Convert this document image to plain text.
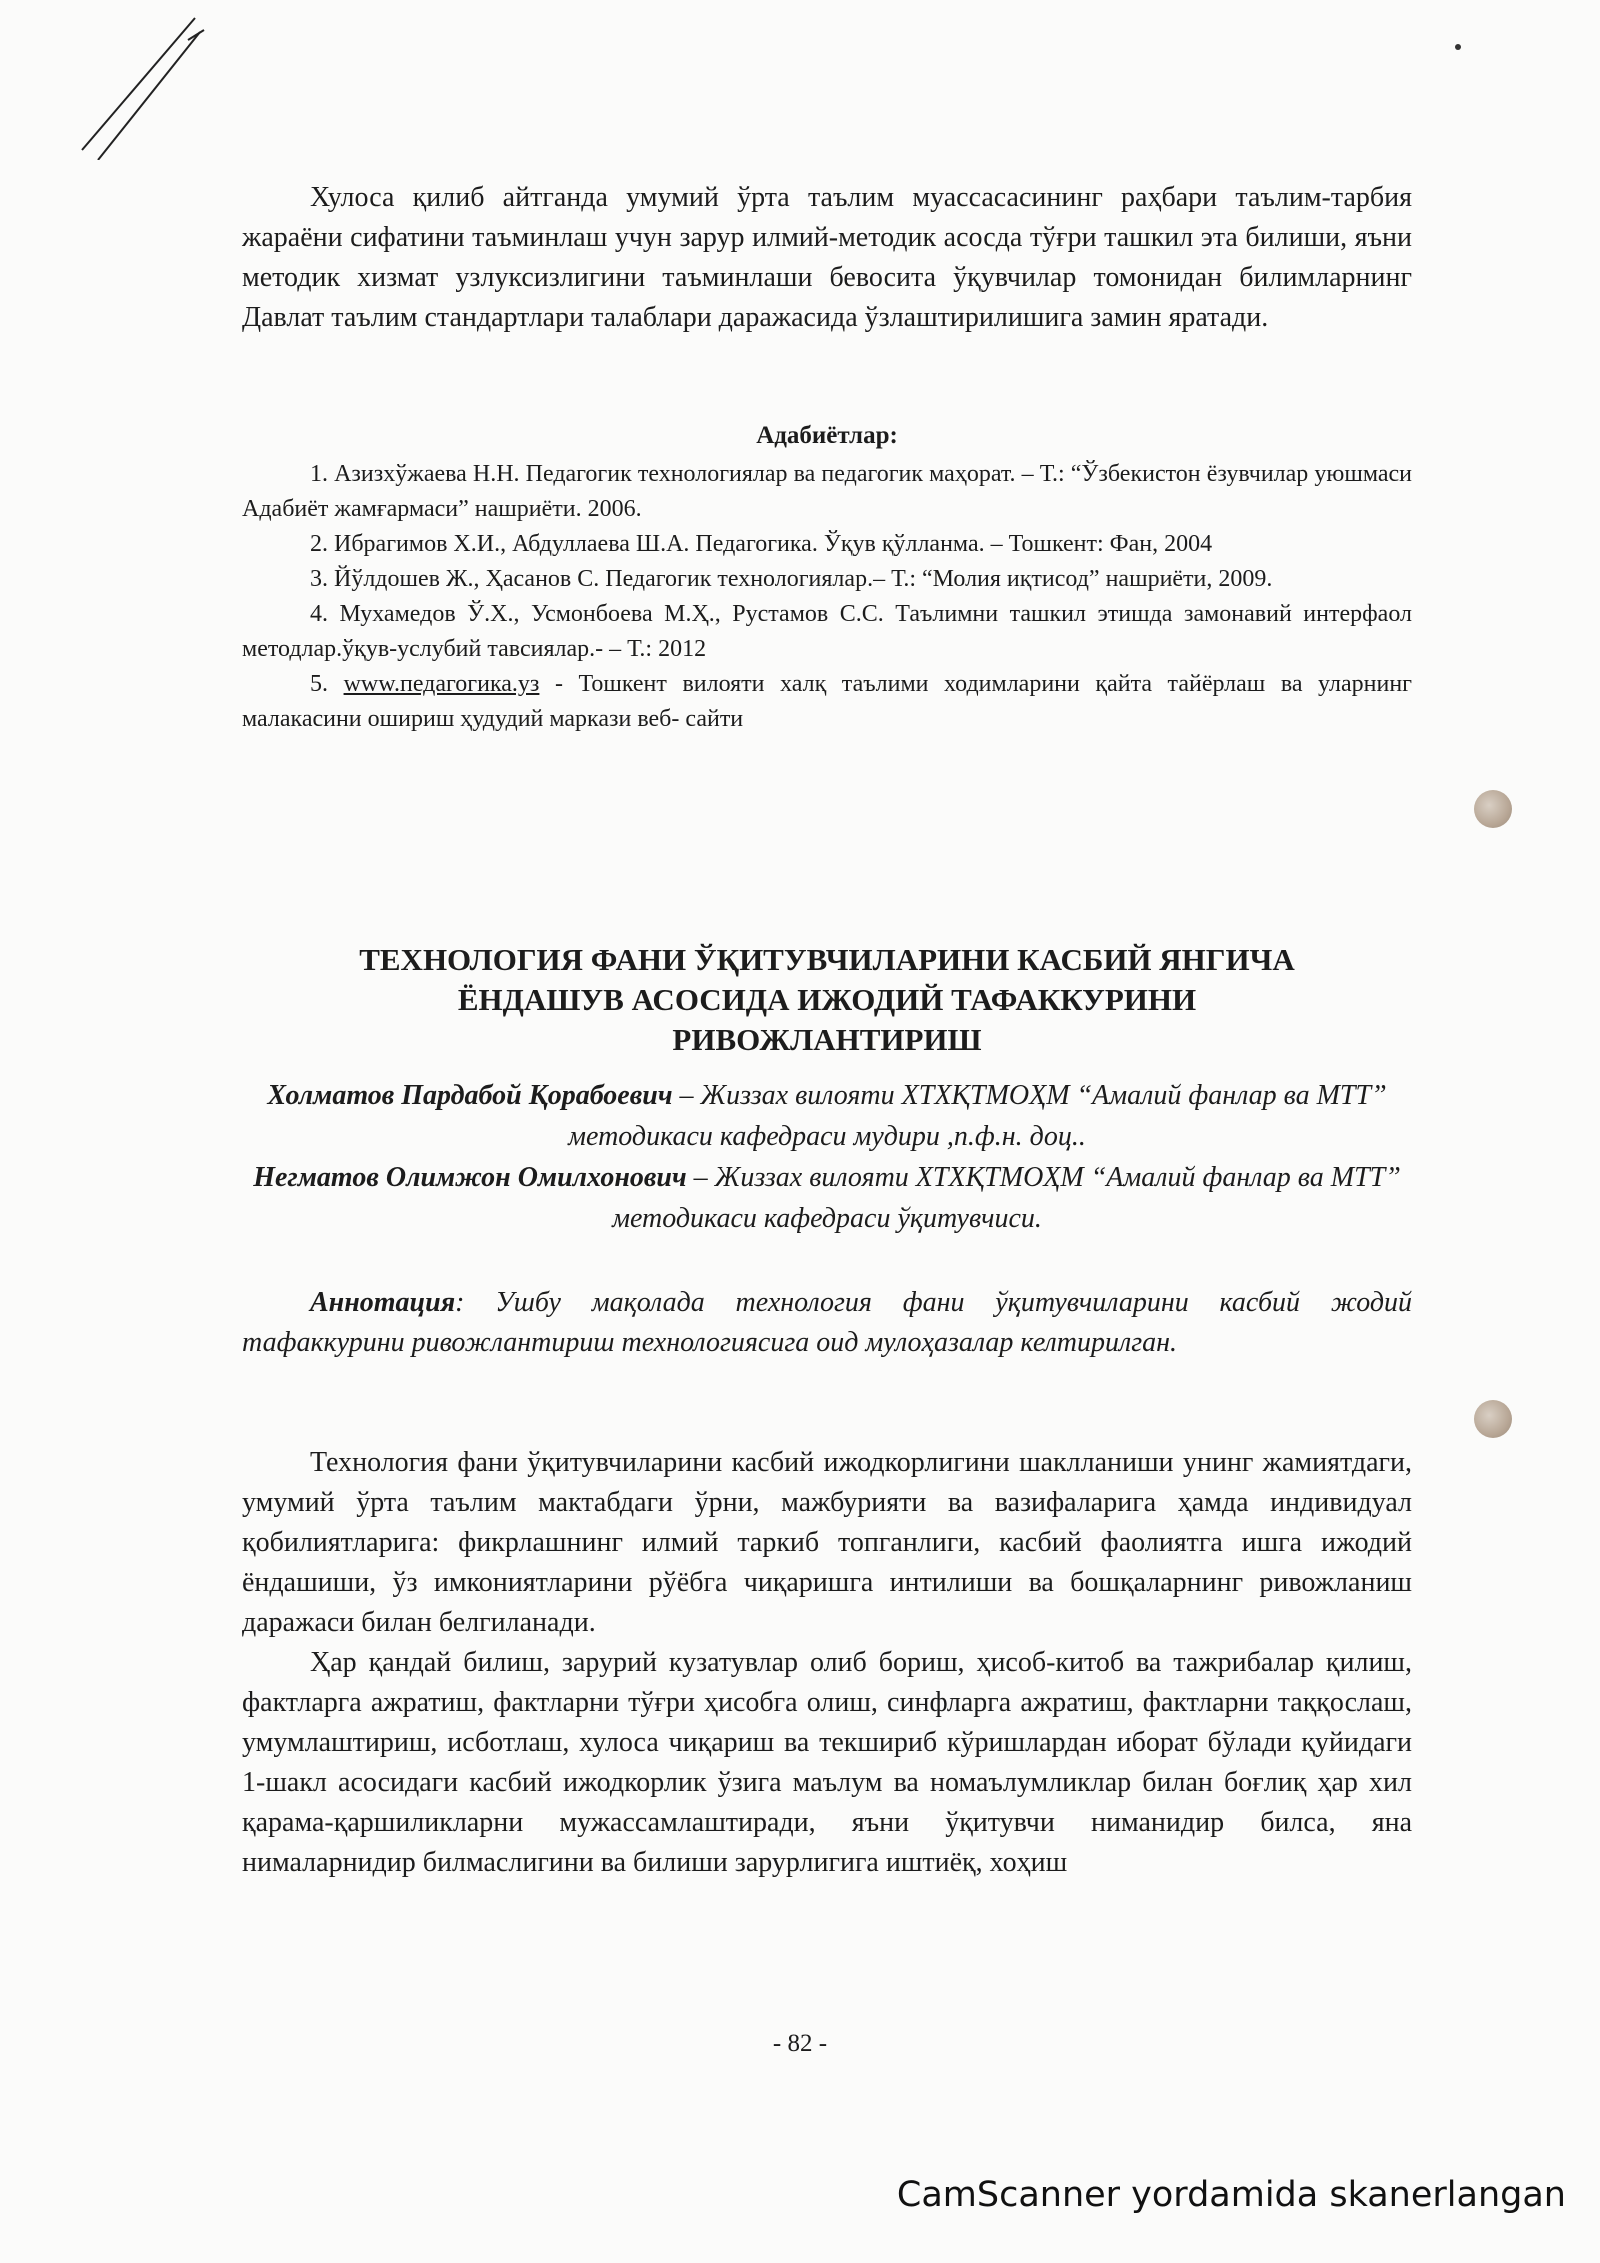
Хулоса қилиб айтганда умумий ўрта таълим муассасасининг раҳбари таълим-тарбия жараёни сифатини таъминлаш учун зарур илмий-методик асосда тўғри ташкил эта билиши, яъни методик хизмат узлуксизлигини таъминлаши бевосита ўқувчилар томонидан билимларнинг Давлат таълим стандартлари талаблари даражасида ўзлаштирилишига замин яратади.

Адабиётлар:

1. Азизхўжаева Н.Н. Педагогик технологиялар ва педагогик маҳорат. – Т.: “Ўзбекистон ёзувчилар уюшмаси Адабиёт жамғармаси” нашриёти. 2006.

2. Ибрагимов Х.И., Абдуллаева Ш.А. Педагогика. Ўқув қўлланма. – Тошкент: Фан, 2004

3. Йўлдошев Ж., Ҳасанов С. Педагогик технологиялар.– Т.: “Молия иқтисод” нашриёти, 2009.

4. Мухамедов Ў.Х., Усмонбоева М.Ҳ., Рустамов С.С. Таълимни ташкил этишда замонавий интерфаол методлар.ўқув-услубий тавсиялар.- – Т.: 2012

5. www.педагогика.уз - Тошкент вилояти халқ таълими ходимларини қайта тайёрлаш ва уларнинг малакасини ошириш ҳудудий маркази веб- сайти

ТЕХНОЛОГИЯ ФАНИ ЎҚИТУВЧИЛАРИНИ КАСБИЙ ЯНГИЧА
ЁНДАШУВ АСОСИДА ИЖОДИЙ ТАФАККУРИНИ
РИВОЖЛАНТИРИШ
Холматов Пардабой Қорабоевич – Жиззах вилояти ХТХҚТМОҲМ “Амалий фанлар ва МТТ” методикаси кафедраси мудири ,п.ф.н. доц..
Негматов Олимжон Омилхонович – Жиззах вилояти ХТХҚТМОҲМ “Амалий фанлар ва МТТ” методикаси кафедраси ўқитувчиси.
Аннотация: Ушбу мақолада технология фани ўқитувчиларини касбий жодий тафаккурини ривожлантириш технологиясига оид мулоҳазалар келтирилган.

Технология фани ўқитувчиларини касбий ижодкорлигини шаклланиши унинг жамиятдаги, умумий ўрта таълим мактабдаги ўрни, мажбурияти ва вазифаларига ҳамда индивидуал қобилиятларига: фикрлашнинг илмий таркиб топганлиги, касбий фаолиятга ишга ижодий ёндашиши, ўз имкониятларини рўёбга чиқаришга интилиши ва бошқаларнинг ривожланиш даражаси билан белгиланади.

Ҳар қандай билиш, зарурий кузатувлар олиб бориш, ҳисоб-китоб ва тажрибалар қилиш, фактларга ажратиш, фактларни тўғри ҳисобга олиш, синфларга ажратиш, фактларни таққослаш, умумлаштириш, исботлаш, хулоса чиқариш ва текшириб кўришлардан иборат бўлади қуйидаги 1-шакл асосидаги касбий ижодкорлик ўзига маълум ва номаълумликлар билан боғлиқ ҳар хил қарама-қаршиликларни мужассамлаштиради, яъни ўқитувчи ниманидир билса, яна нималарнидир билмаслигини ва билиши зарурлигига иштиёқ, хоҳиш

- 82 -
CamScanner yordamida skanerlangan
